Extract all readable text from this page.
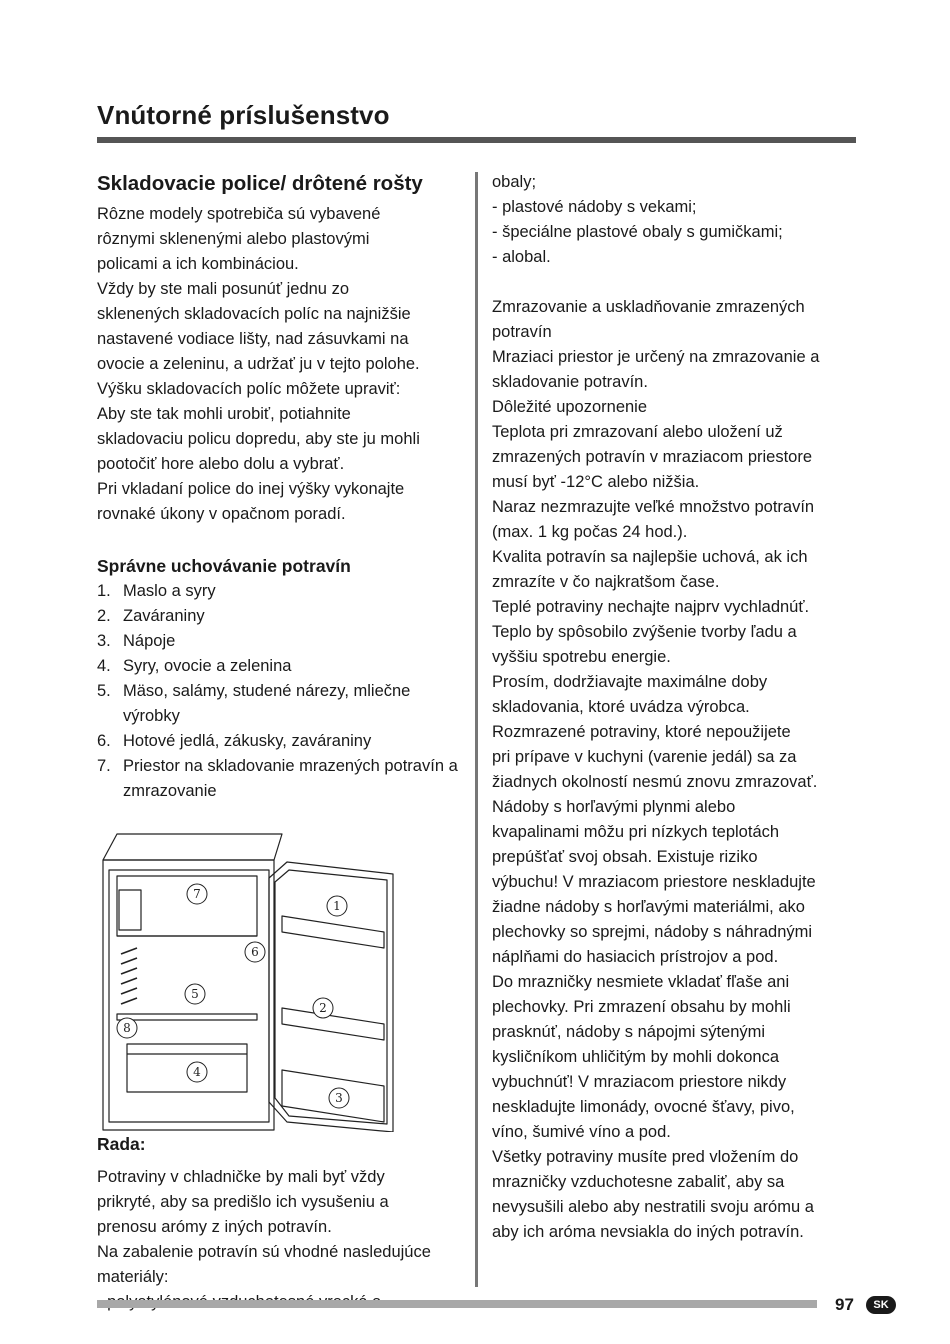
Vnútorné príslušenstvo
Skladovacie police/ drôtené rošty

Rôzne modely spotrebiča sú vybavené

rôznymi sklenenými alebo plastovými

policami a ich kombináciou.

Vždy by ste mali posunúť jednu zo

sklenených skladovacích políc na najnižšie

nastavené vodiace lišty, nad zásuvkami na

ovocie a zeleninu, a udržať ju v tejto polohe.

Výšku skladovacích políc môžete upraviť:

Aby ste tak mohli urobiť, potiahnite

skladovaciu policu dopredu, aby ste ju mohli

pootočiť hore alebo dolu a vybrať.

Pri vkladaní police do inej výšky vykonajte

rovnaké úkony v opačnom poradí.

Správne uchovávanie potravín
1. Maslo a syry
2. Zaváraniny
3. Nápoje
4. Syry, ovocie a zelenina
5. Mäso, salámy, studené nárezy, mliečne výrobky
6. Hotové jedlá, zákusky, zaváraniny
7. Priestor na skladovanie mrazených potravín a zmrazovanie
7
1
6
5
2
8
4
3
Rada:

Potraviny v chladničke by mali byť vždy

prikryté, aby sa predišlo ich vysušeniu a

prenosu arómy z iných potravín.

Na zabalenie potravín sú vhodné nasledujúce

materiály:

obaly;

- plastové nádoby s vekami;

- špeciálne plastové obaly s gumičkami;

- alobal.

Zmrazovanie a uskladňovanie zmrazených

potravín

Mraziaci priestor je určený na zmrazovanie a

skladovanie potravín.

Dôležité upozornenie

Teplota pri zmrazovaní alebo uložení už

zmrazených potravín v mraziacom priestore

musí byť -12°C alebo nižšia.

Naraz nezmrazujte veľké množstvo potravín

(max. 1 kg počas 24 hod.).

Kvalita potravín sa najlepšie uchová, ak ich

zmrazíte v čo najkratšom čase.

Teplé potraviny nechajte najprv vychladnúť.

Teplo by spôsobilo zvýšenie tvorby ľadu a

vyššiu spotrebu energie.

Prosím, dodržiavajte maximálne doby

skladovania, ktoré uvádza výrobca.

Rozmrazené potraviny, ktoré nepoužijete

pri prípave v kuchyni (varenie jedál) sa za

žiadnych okolností nesmú znovu zmrazovať.

Nádoby s horľavými plynmi alebo

kvapalinami môžu pri nízkych teplotách

prepúšťať svoj obsah. Existuje riziko

výbuchu! V mraziacom priestore neskladujte

žiadne nádoby s horľavými materiálmi, ako

plechovky so sprejmi, nádoby s náhradnými

náplňami do hasiacich prístrojov a pod.

Do mrazničky nesmiete vkladať fľaše ani

plechovky. Pri zmrazení obsahu by mohli

prasknúť, nádoby s nápojmi sýtenými

kysličníkom uhličitým by mohli dokonca

vybuchnúť! V mraziacom priestore nikdy

neskladujte limonády, ovocné šťavy, pivo,

víno, šumivé víno a pod.

Všetky potraviny musíte pred vložením do

mrazničky vzduchotesne zabaliť, aby sa

nevysušili alebo aby nestratili svoju arómu a

aby ich aróma nevsiakla do iných potravín.

97	SK
